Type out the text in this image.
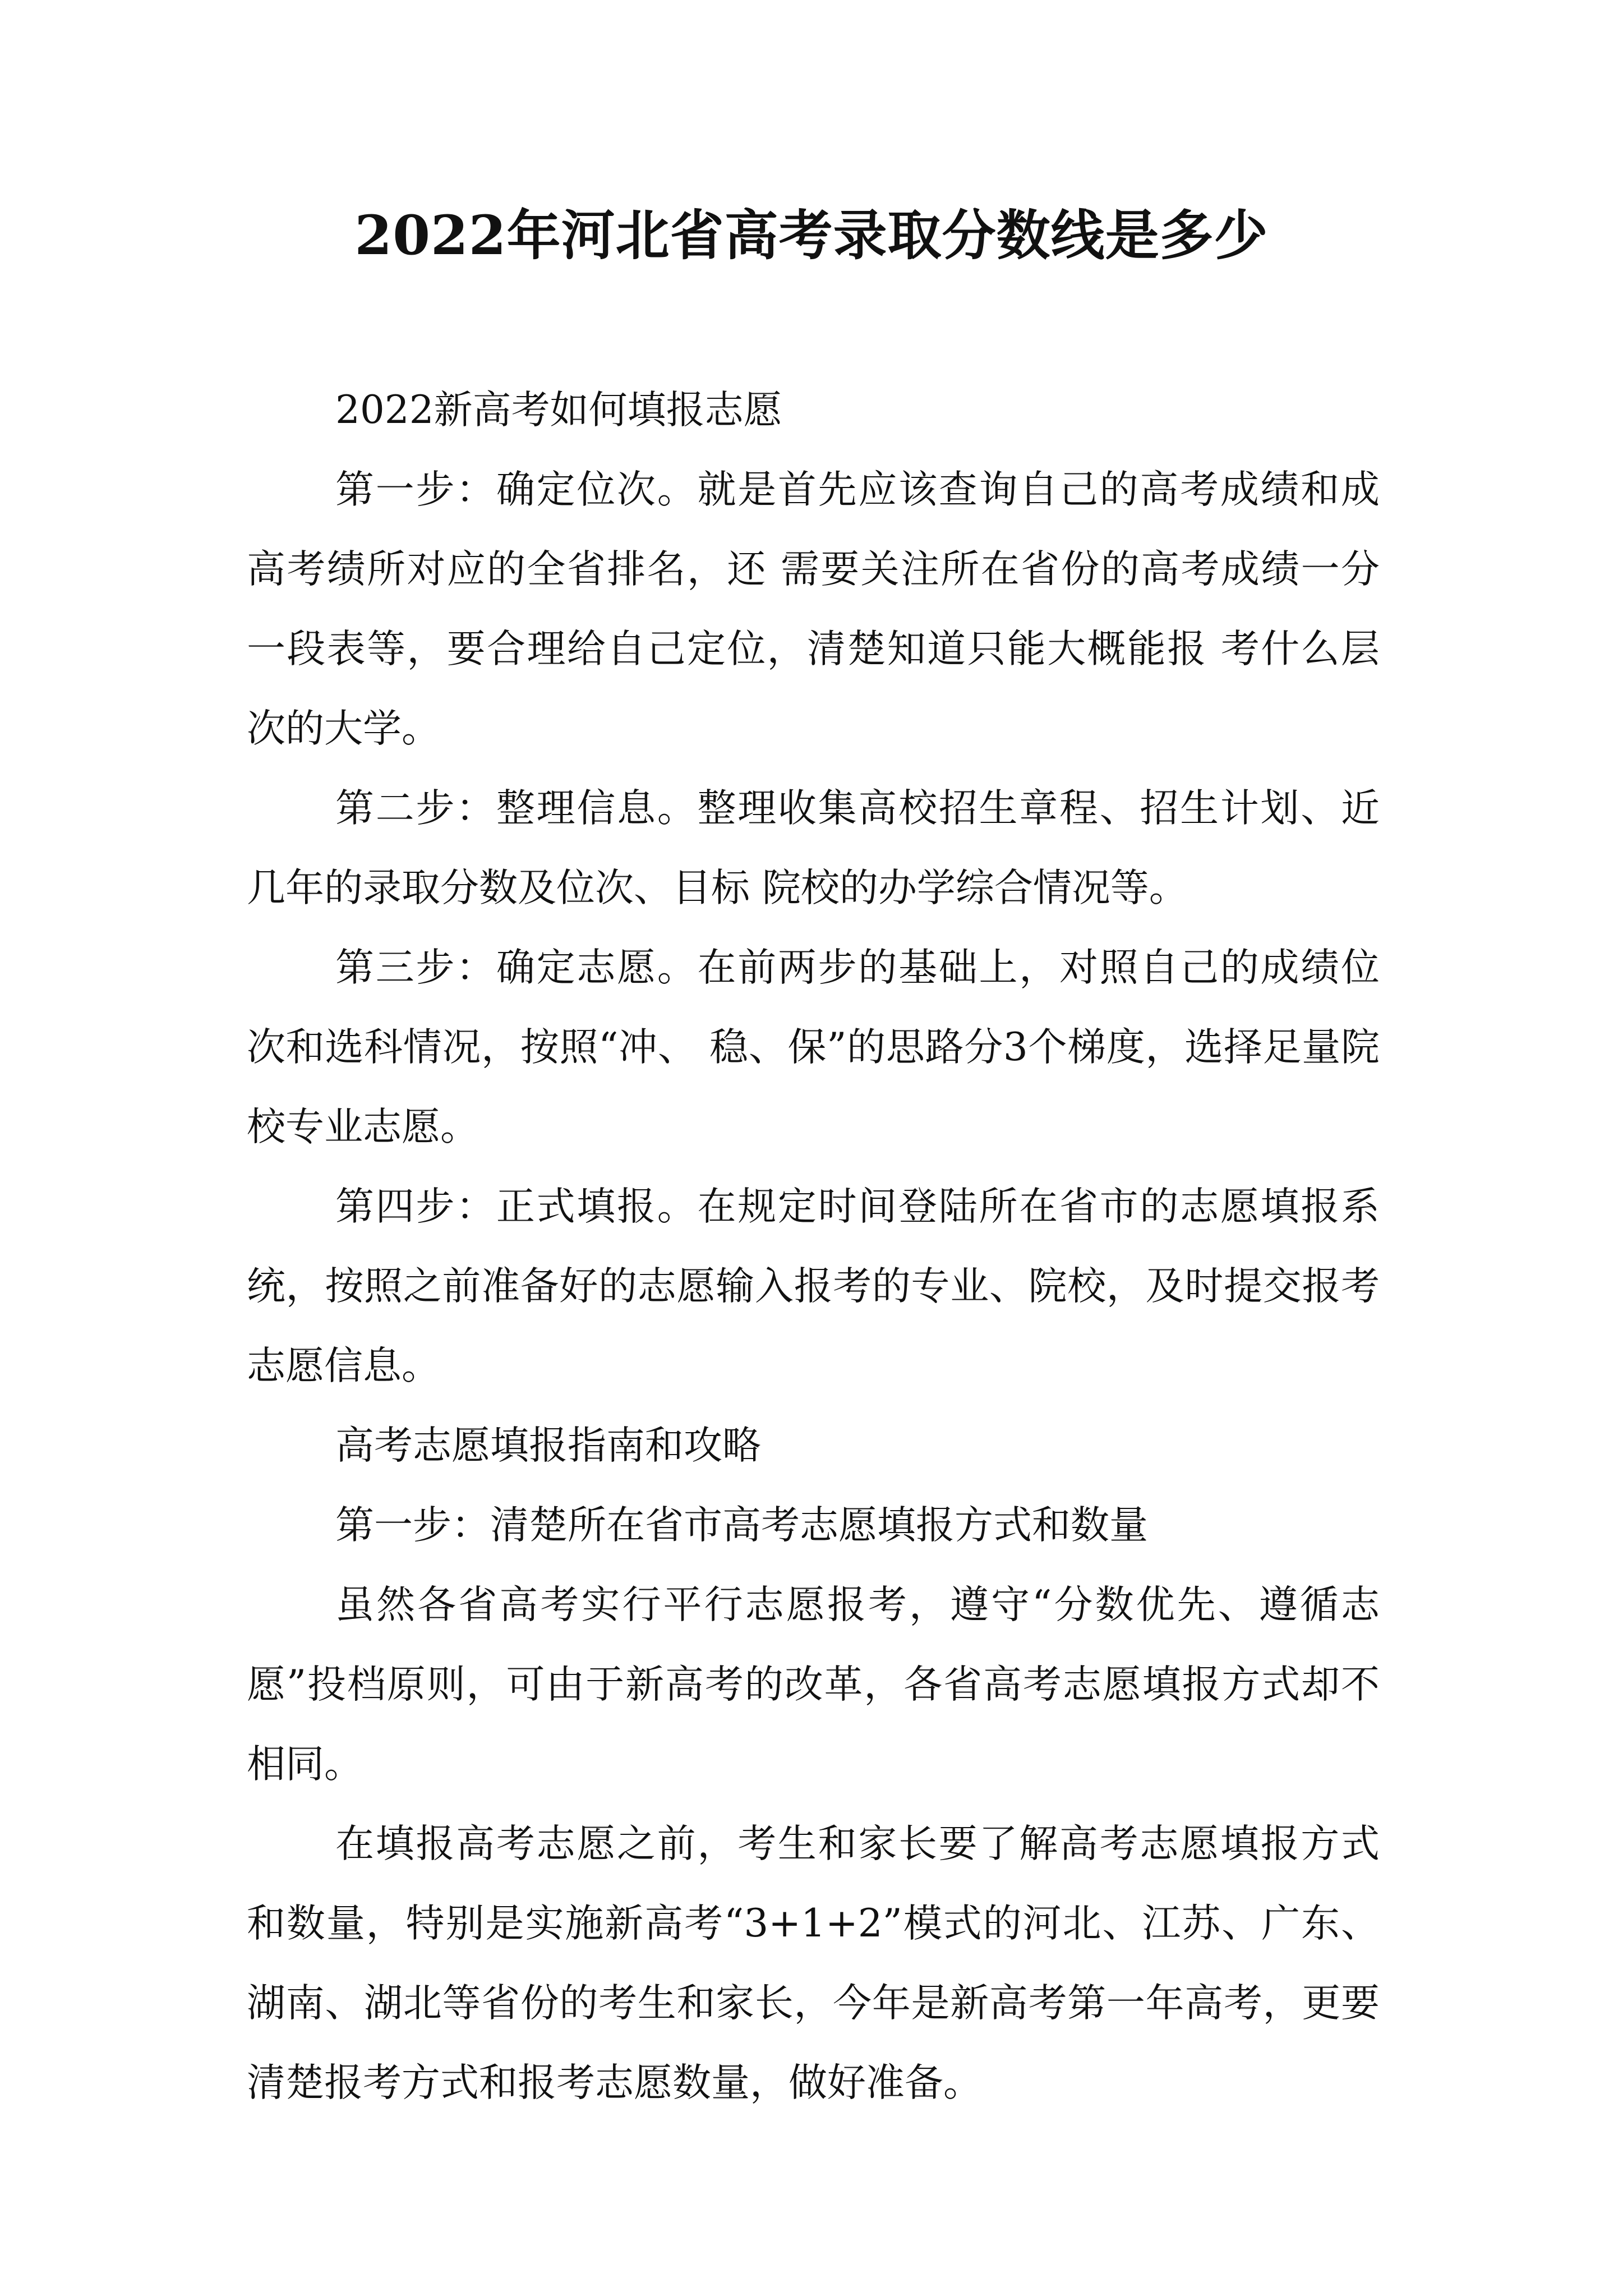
2022年河北省高考录取分数线是多少

2022新高考如何填报志愿

第一步：确定位次。就是首先应该查询自己的高考成绩和成高考绩所对应的全省排名，还 需要关注所在省份的高考成绩一分一段表等，要合理给自己定位，清楚知道只能大概能报 考什么层次的大学。

第二步：整理信息。整理收集高校招生章程、招生计划、近几年的录取分数及位次、目标 院校的办学综合情况等。

第三步：确定志愿。在前两步的基础上，对照自己的成绩位次和选科情况，按照“冲、 稳、保”的思路分3个梯度，选择足量院校专业志愿。

第四步：正式填报。在规定时间登陆所在省市的志愿填报系统，按照之前准备好的志愿输入报考的专业、院校，及时提交报考志愿信息。

高考志愿填报指南和攻略

第一步：清楚所在省市高考志愿填报方式和数量

虽然各省高考实行平行志愿报考，遵守“分数优先、遵循志愿”投档原则，可由于新高考的改革，各省高考志愿填报方式却不相同。

在填报高考志愿之前，考生和家长要了解高考志愿填报方式和数量，特别是实施新高考“3+1+2”模式的河北、江苏、广东、湖南、湖北等省份的考生和家长，今年是新高考第一年高考，更要清楚报考方式和报考志愿数量，做好准备。
